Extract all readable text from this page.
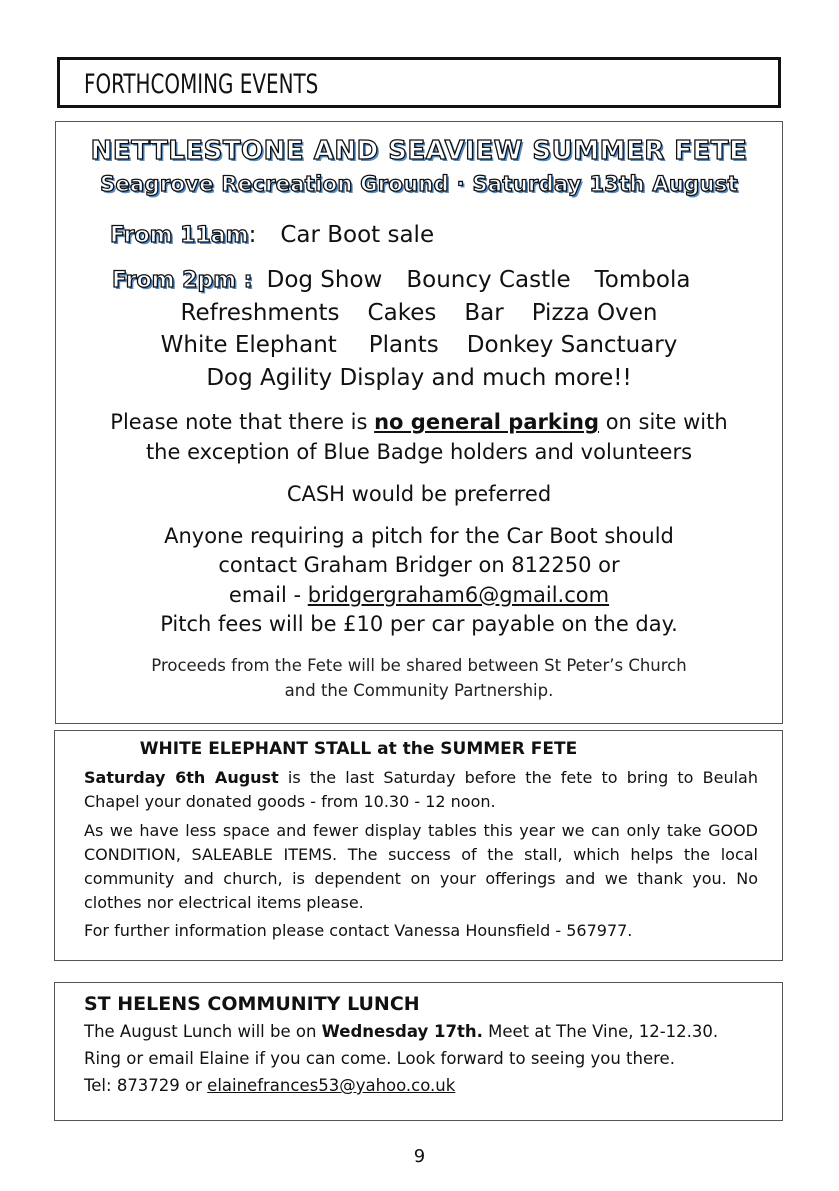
FORTHCOMING EVENTS
NETTLESTONE AND SEAVIEW SUMMER FETE
Seagrove Recreation Ground · Saturday 13th August
From 11am: Car Boot sale
From 2pm : Dog Show Bouncy Castle Tombola
Refreshments Cakes Bar Pizza Oven
White Elephant Plants Donkey Sanctuary
Dog Agility Display and much more!!
Please note that there is no general parking on site with
the exception of Blue Badge holders and volunteers
CASH would be preferred
Anyone requiring a pitch for the Car Boot should
contact Graham Bridger on 812250 or
email - bridgergraham6@gmail.com
Pitch fees will be £10 per car payable on the day.
Proceeds from the Fete will be shared between St Peter’s Church
and the Community Partnership.
WHITE ELEPHANT STALL at the SUMMER FETE
Saturday 6th August is the last Saturday before the fete to bring to Beulah Chapel your donated goods - from 10.30 - 12 noon.
As we have less space and fewer display tables this year we can only take GOOD CONDITION, SALEABLE ITEMS. The success of the stall, which helps the local community and church, is dependent on your offerings and we thank you. No clothes nor electrical items please.
For further information please contact Vanessa Hounsfield - 567977.
ST HELENS COMMUNITY LUNCH
The August Lunch will be on Wednesday 17th. Meet at The Vine, 12-12.30.
Ring or email Elaine if you can come. Look forward to seeing you there.
Tel: 873729 or elainefrances53@yahoo.co.uk
9
